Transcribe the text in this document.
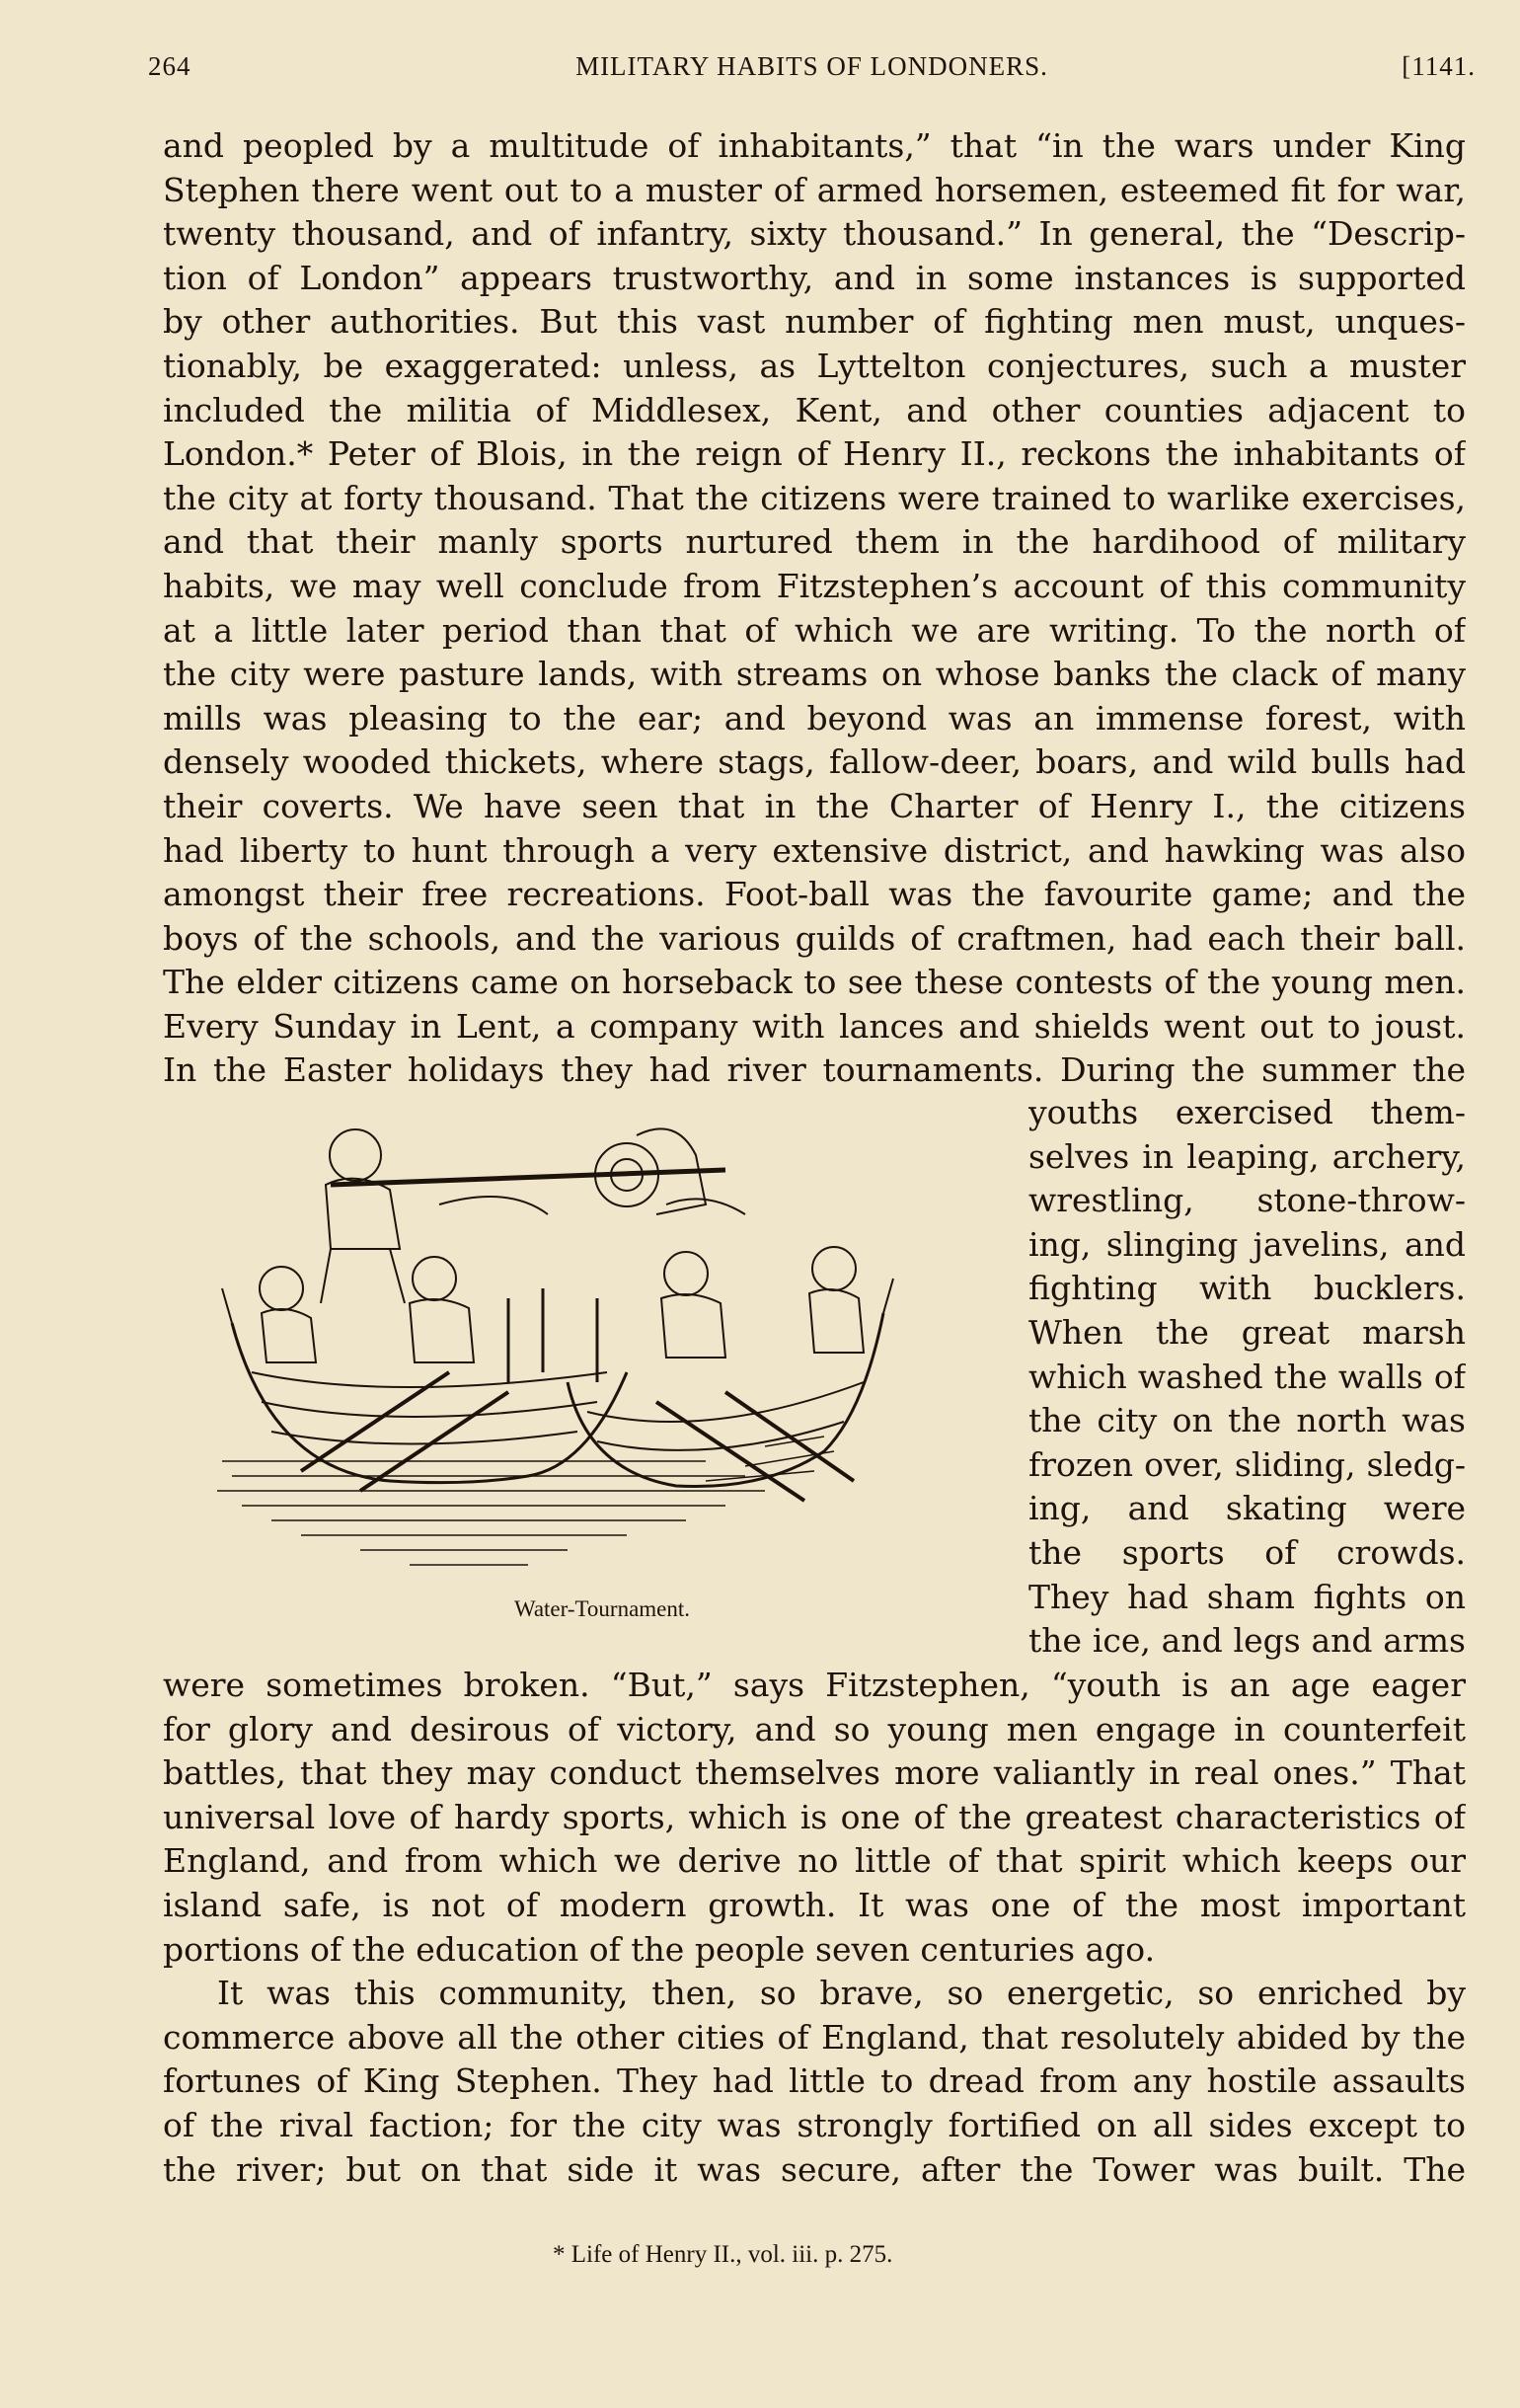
264	MILITARY HABITS OF LONDONERS.	[1141.
and peopled by a multitude of inhabitants,” that “in the wars under King
Stephen there went out to a muster of armed horsemen, esteemed fit for war,
twenty thousand, and of infantry, sixty thousand.” In general, the “Descrip-
tion of London” appears trustworthy, and in some instances is supported
by other authorities. But this vast number of fighting men must, unques-
tionably, be exaggerated: unless, as Lyttelton conjectures, such a muster
included the militia of Middlesex, Kent, and other counties adjacent to
London.* Peter of Blois, in the reign of Henry II., reckons the inhabitants of
the city at forty thousand. That the citizens were trained to warlike exercises,
and that their manly sports nurtured them in the hardihood of military
habits, we may well conclude from Fitzstephen’s account of this community
at a little later period than that of which we are writing. To the north of
the city were pasture lands, with streams on whose banks the clack of many
mills was pleasing to the ear; and beyond was an immense forest, with
densely wooded thickets, where stags, fallow-deer, boars, and wild bulls had
their coverts. We have seen that in the Charter of Henry I., the citizens
had liberty to hunt through a very extensive district, and hawking was also
amongst their free recreations. Foot-ball was the favourite game; and the
boys of the schools, and the various guilds of craftmen, had each their ball.
The elder citizens came on horseback to see these contests of the young men.
Every Sunday in Lent, a company with lances and shields went out to joust.
In the Easter holidays they had river tournaments. During the summer the
Water-Tournament.
youths exercised them-
selves in leaping, archery,
wrestling, stone-throw-
ing, slinging javelins, and
fighting with bucklers.
When the great marsh
which washed the walls of
the city on the north was
frozen over, sliding, sledg-
ing, and skating were
the sports of crowds.
They had sham fights on
the ice, and legs and arms
were sometimes broken. “But,” says Fitzstephen, “youth is an age eager
for glory and desirous of victory, and so young men engage in counterfeit
battles, that they may conduct themselves more valiantly in real ones.” That
universal love of hardy sports, which is one of the greatest characteristics of
England, and from which we derive no little of that spirit which keeps our
island safe, is not of modern growth. It was one of the most important
portions of the education of the people seven centuries ago.
It was this community, then, so brave, so energetic, so enriched by
commerce above all the other cities of England, that resolutely abided by the
fortunes of King Stephen. They had little to dread from any hostile assaults
of the rival faction; for the city was strongly fortified on all sides except to
the river; but on that side it was secure, after the Tower was built. The
* Life of Henry II., vol. iii. p. 275.
